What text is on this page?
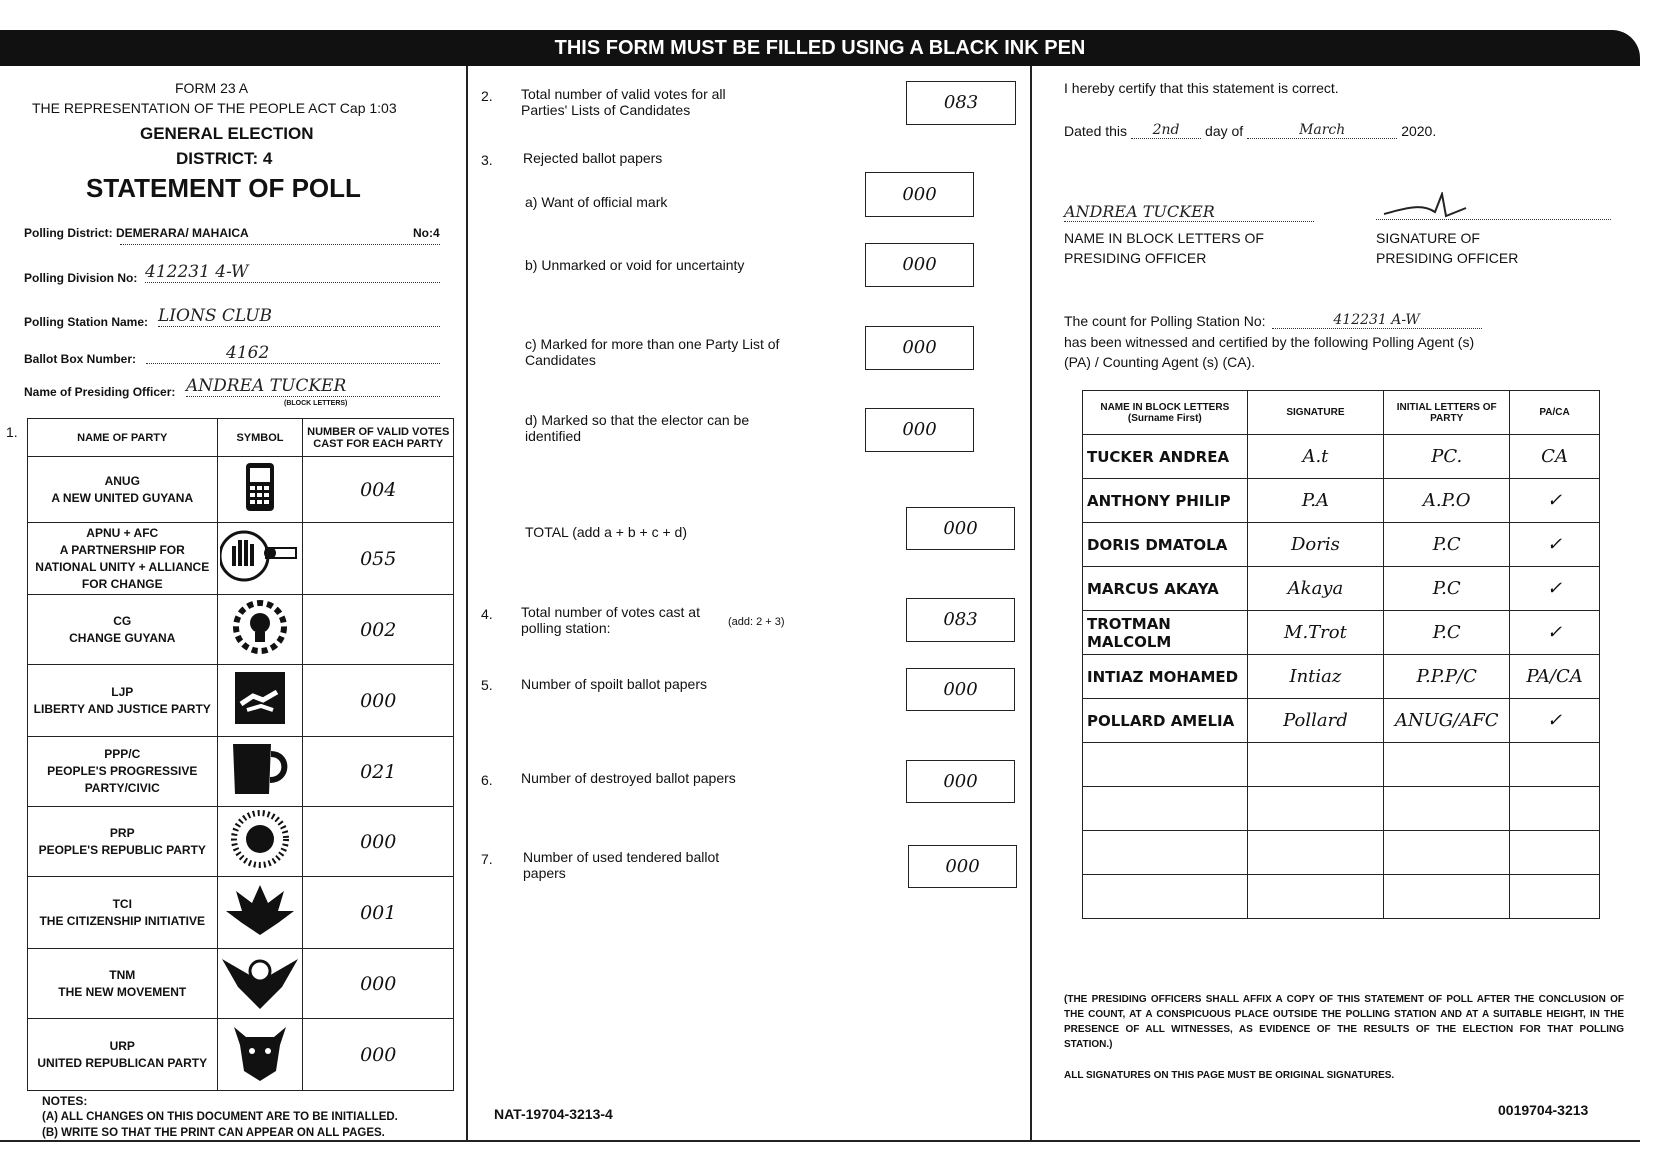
THIS FORM MUST BE FILLED USING A BLACK INK PEN
FORM 23 A
THE REPRESENTATION OF THE PEOPLE ACT Cap 1:03
GENERAL ELECTION
DISTRICT: 4
STATEMENT OF POLL
Polling District: DEMERARA/ MAHAICA	No:4
Polling Division No: 412231 4-W
Polling Station Name: LIONS CLUB
Ballot Box Number:	4162
Name of Presiding Officer: ANDREA TUCKER
(BLOCK LETTERS)
1.	NAME OF PARTY	SYMBOL	NUMBER OF VALID VOTES CAST FOR EACH PARTY

ANUG
A NEW UNITED GUYANA		004

APNU + AFC
A PARTNERSHIP FOR NATIONAL UNITY + ALLIANCE FOR CHANGE		055

CG
CHANGE GUYANA		002

LJP
LIBERTY AND JUSTICE PARTY		000

PPP/C
PEOPLE'S PROGRESSIVE PARTY/CIVIC		021

PRP
PEOPLE'S REPUBLIC PARTY		000

TCI
THE CITIZENSHIP INITIATIVE		001

TNM
THE NEW MOVEMENT		000

URP
UNITED REPUBLICAN PARTY		000
NOTES:
(A) ALL CHANGES ON THIS DOCUMENT ARE TO BE INITIALLED.
(B) WRITE SO THAT THE PRINT CAN APPEAR ON ALL PAGES.
2. Total number of valid votes for all Parties' Lists of Candidates	083
3. Rejected ballot papers
a) Want of official mark	000
b) Unmarked or void for uncertainty	000
c) Marked for more than one Party List of Candidates
000
d) Marked so that the elector can be identified	000
TOTAL (add a + b + c + d)	000
4. Total number of votes cast at polling station:	(add: 2 + 3)	083
5. Number of spoilt ballot papers	000
6. Number of destroyed ballot papers	000
7. Number of used tendered ballot papers	000
NAT-19704-3213-4
I hereby certify that this statement is correct.
Dated this	2nd	day of	March	2020.
ANDREA TUCKER
NAME IN BLOCK LETTERS OF PRESIDING OFFICER
SIGNATURE OF PRESIDING OFFICER
The count for Polling Station No:	412231 A-W
has been witnessed and certified by the following Polling Agent (s) (PA) / Counting Agent (s) (CA).
NAME IN BLOCK LETTERS (Surname First)	SIGNATURE	INITIAL LETTERS OF PARTY	PA/CA
TUCKER ANDREA	A.t	PC.	CA
ANTHONY PHILIP	P.A	A.P.O	✓
DORIS DMATOLA	Doris	P.C	✓
MARCUS AKAYA	Akaya	P.C	✓
TROTMAN MALCOLM	M.Trot	P.C	✓
INTIAZ MOHAMED	Intiaz	P.P.P/C	PA/CA
POLLARD AMELIA	Pollard	ANUG/AFC	✓

(THE PRESIDING OFFICERS SHALL AFFIX A COPY OF THIS STATEMENT OF POLL AFTER THE CONCLUSION OF THE COUNT, AT A CONSPICUOUS PLACE OUTSIDE THE POLLING STATION AND AT A SUITABLE HEIGHT, IN THE PRESENCE OF ALL WITNESSES, AS EVIDENCE OF THE RESULTS OF THE ELECTION FOR THAT POLLING STATION.)
ALL SIGNATURES ON THIS PAGE MUST BE ORIGINAL SIGNATURES.
0019704-3213
